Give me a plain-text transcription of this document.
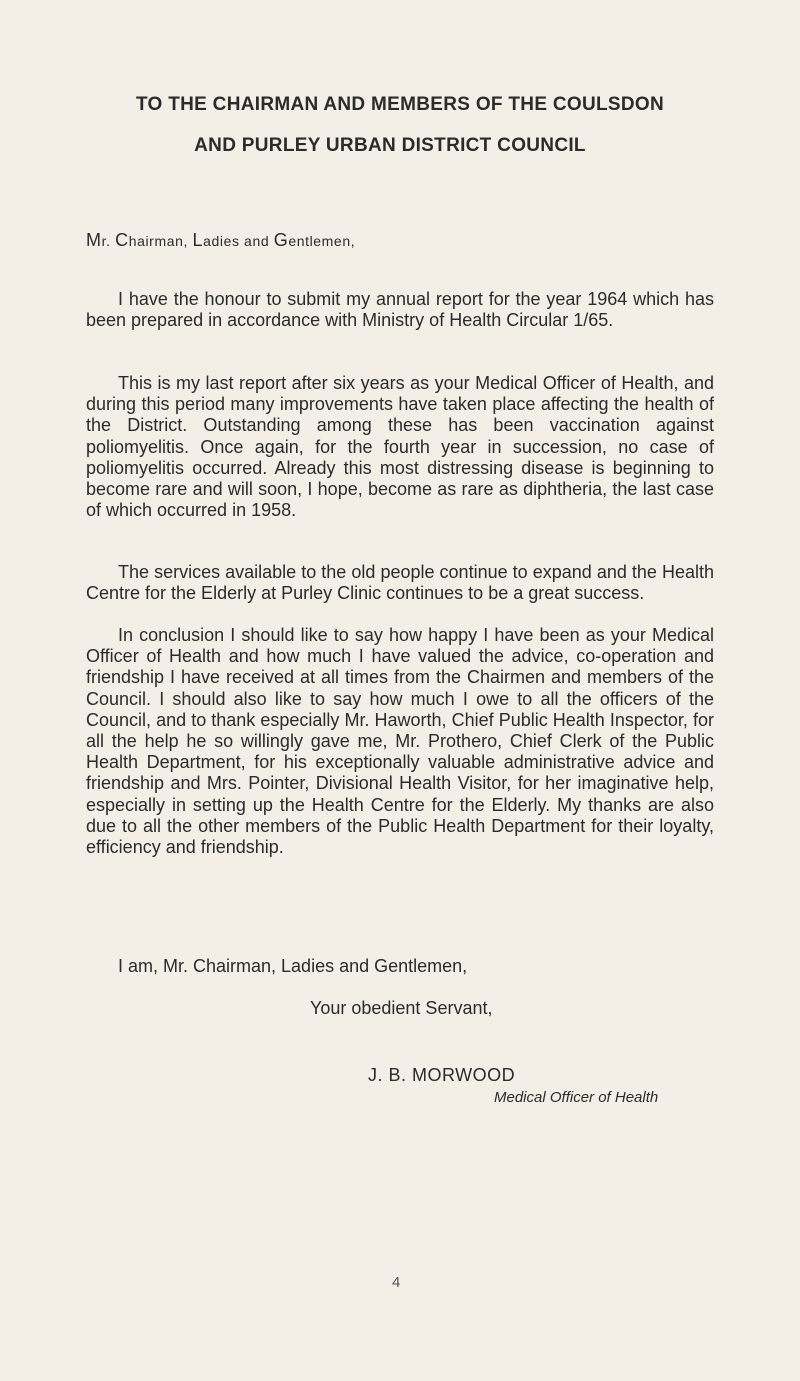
TO THE CHAIRMAN AND MEMBERS OF THE COULSDON
AND PURLEY URBAN DISTRICT COUNCIL
Mr. Chairman, Ladies and Gentlemen,

I have the honour to submit my annual report for the year 1964 which has been prepared in accordance with Ministry of Health Circular 1/65.

This is my last report after six years as your Medical Officer of Health, and during this period many improvements have taken place affecting the health of the District. Outstanding among these has been vaccination against poliomyelitis. Once again, for the fourth year in succession, no case of poliomyelitis occurred. Already this most distressing disease is beginning to become rare and will soon, I hope, become as rare as diphtheria, the last case of which occurred in 1958.

The services available to the old people continue to expand and the Health Centre for the Elderly at Purley Clinic continues to be a great success.

In conclusion I should like to say how happy I have been as your Medical Officer of Health and how much I have valued the advice, co-operation and friendship I have received at all times from the Chairmen and members of the Council. I should also like to say how much I owe to all the officers of the Council, and to thank especially Mr. Haworth, Chief Public Health Inspector, for all the help he so willingly gave me, Mr. Prothero, Chief Clerk of the Public Health Department, for his exceptionally valuable administrative advice and friendship and Mrs. Pointer, Divisional Health Visitor, for her imaginative help, especially in setting up the Health Centre for the Elderly. My thanks are also due to all the other members of the Public Health Department for their loyalty, efficiency and friendship.

I am, Mr. Chairman, Ladies and Gentlemen,
Your obedient Servant,
J. B. MORWOOD
Medical Officer of Health
4
